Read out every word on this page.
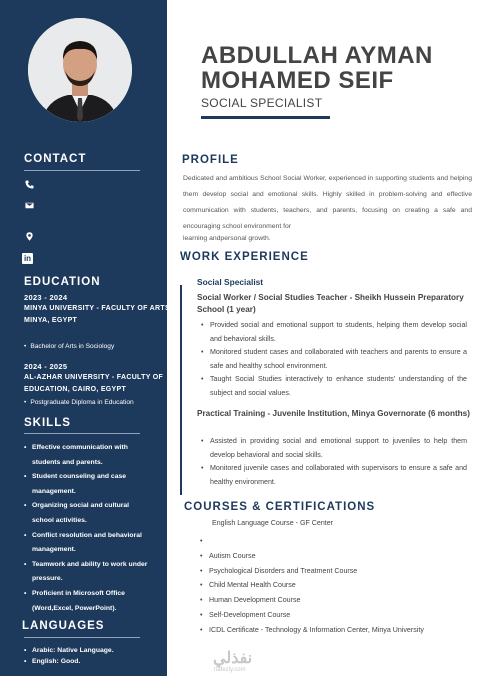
CONTACT
in
EDUCATION
2023 - 2024
MINYA UNIVERSITY - FACULTY OF ARTS, MINYA, EGYPT
• Bachelor of Arts in Sociology
2024 - 2025
AL-AZHAR UNIVERSITY - FACULTY OF EDUCATION, CAIRO, EGYPT
• Postgraduate Diploma in Education
SKILLS
• Effective communication with students and parents.
• Student counseling and case management.
• Organizing social and cultural school activities.
• Conflict resolution and behavioral management.
• Teamwork and ability to work under pressure.
• Proficient in Microsoft Office (Word,Excel, PowerPoint).
LANGUAGES
• Arabic: Native Language.
• English: Good.
ABDULLAH AYMAN
MOHAMED SEIF
SOCIAL SPECIALIST
PROFILE
Dedicated and ambitious School Social Worker, experienced in supporting students and helping them develop social and emotional skills. Highly skilled in problem-solving and effective communication with students, teachers, and parents, focusing on creating a safe and encouraging school environment for
learning andpersonal growth.
WORK EXPERIENCE
Social Specialist
Social Worker / Social Studies Teacher - Sheikh Hussein Preparatory School (1 year)
• Provided social and emotional support to students, helping them develop social and behavioral skills.
• Monitored student cases and collaborated with teachers and parents to ensure a safe and healthy school environment.
• Taught Social Studies interactively to enhance students' understanding of the subject and social values.
Practical Training - Juvenile Institution, Minya Governorate (6 months)
• Assisted in providing social and emotional support to juveniles to help them develop behavioral and social skills.
• Monitored juvenile cases and collaborated with supervisors to ensure a safe and healthy environment.
COURSES & CERTIFICATIONS
English Language Course - GF Center
•
• Autism Course
• Psychological Disorders and Treatment Course
• Child Mental Health Course
• Human Development Course
• Self-Development Course
• ICDL Certificate - Technology & Information Center, Minya University
نفذلي
nafezly.com
